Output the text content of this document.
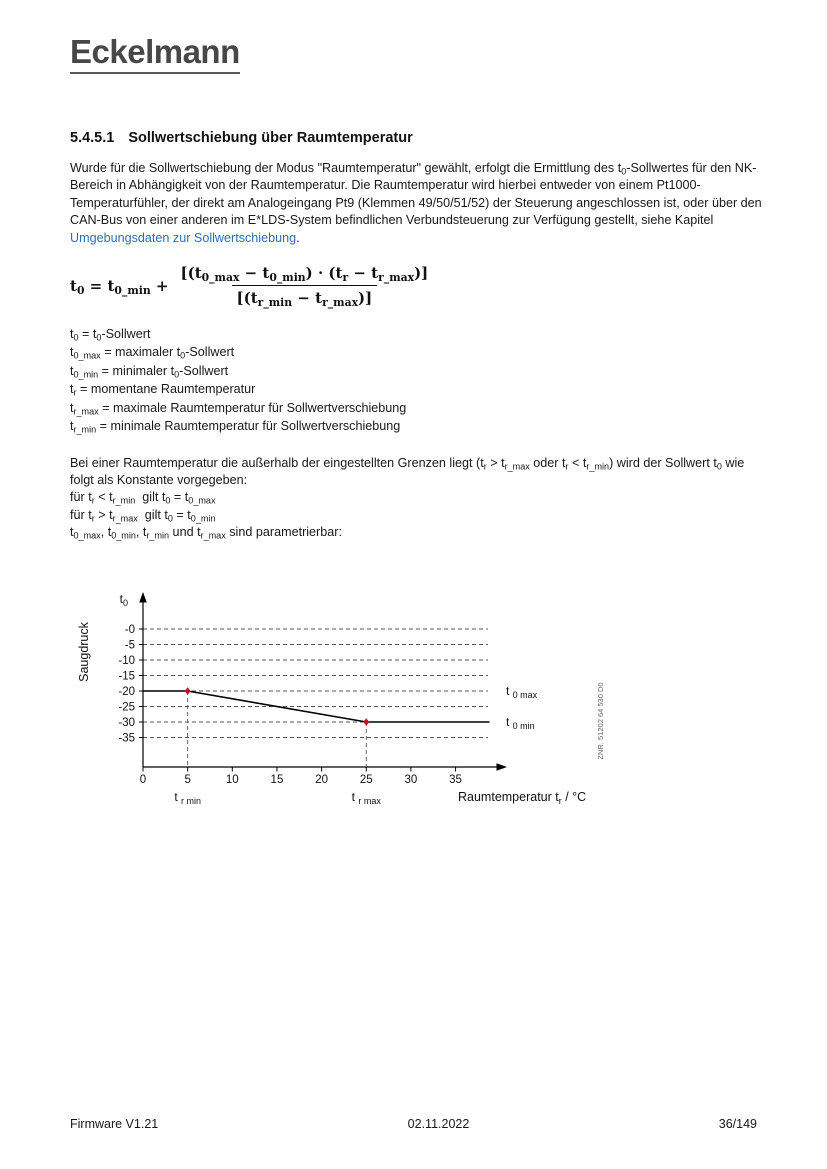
Eckelmann
5.4.5.1 Sollwertschiebung über Raumtemperatur

Wurde für die Sollwertschiebung der Modus "Raumtemperatur" gewählt, erfolgt die Ermittlung des $t_0$-Sollwertes für den NK-Bereich in Abhängigkeit von der Raumtemperatur. Die Raumtemperatur wird hierbei entweder von einem Pt1000-Temperaturfühler, der direkt am Analogeingang Pt9 (Klemmen 49/50/51/52) der Steuerung angeschlossen ist, oder über den CAN-Bus von einer anderen im E*LDS-System befindlichen Verbundsteuerung zur Verfügung gestellt, siehe Kapitel Umgebungsdaten zur Sollwertschiebung.

$t_0 = t_{0\_min} + \frac{[(t_{0\_max} - t_{0\_min}) \cdot (t_r - t_{r\_max})]}{[(t_{r\_min} - t_{r\_max})]}$
$t_0$ = $t_0$-Sollwert
$t_{0\_max}$ = maximaler $t_0$-Sollwert
$t_{0\_min}$ = minimaler $t_0$-Sollwert
$t_r$ = momentane Raumtemperatur
$t_{r\_max}$ = maximale Raumtemperatur für Sollwertverschiebung
$t_{r\_min}$ = minimale Raumtemperatur für Sollwertverschiebung
Bei einer Raumtemperatur die außerhalb der eingestellten Grenzen liegt ($t_r > t_{r\_max}$ oder $t_r < t_{r\_min}$) wird der Sollwert $t_0$ wie folgt als Konstante vorgegeben:
für $t_r < t_{r\_min}$  gilt $t_0 = t_{0\_max}$
für $t_r > t_{r\_max}$  gilt $t_0 = t_{0\_min}$
$t_{0\_max}$, $t_{0\_min}$, $t_{r\_min}$ und $t_{r\_max}$ sind parametrierbar:
-0
-5
-10
-15
-20
-25
-30
-35
0	5	10	15	20	25	30	35
t $_{0 max}$
t $_{0 min}$
t $_{r min}$	t $_{r max}$
$t_0$
Saugdruck
Raumtemperatur $t_r / ^\circ C$
ZNR. 51202 64 530 D0
Firmware V1.21	02.11.2022	36/149
